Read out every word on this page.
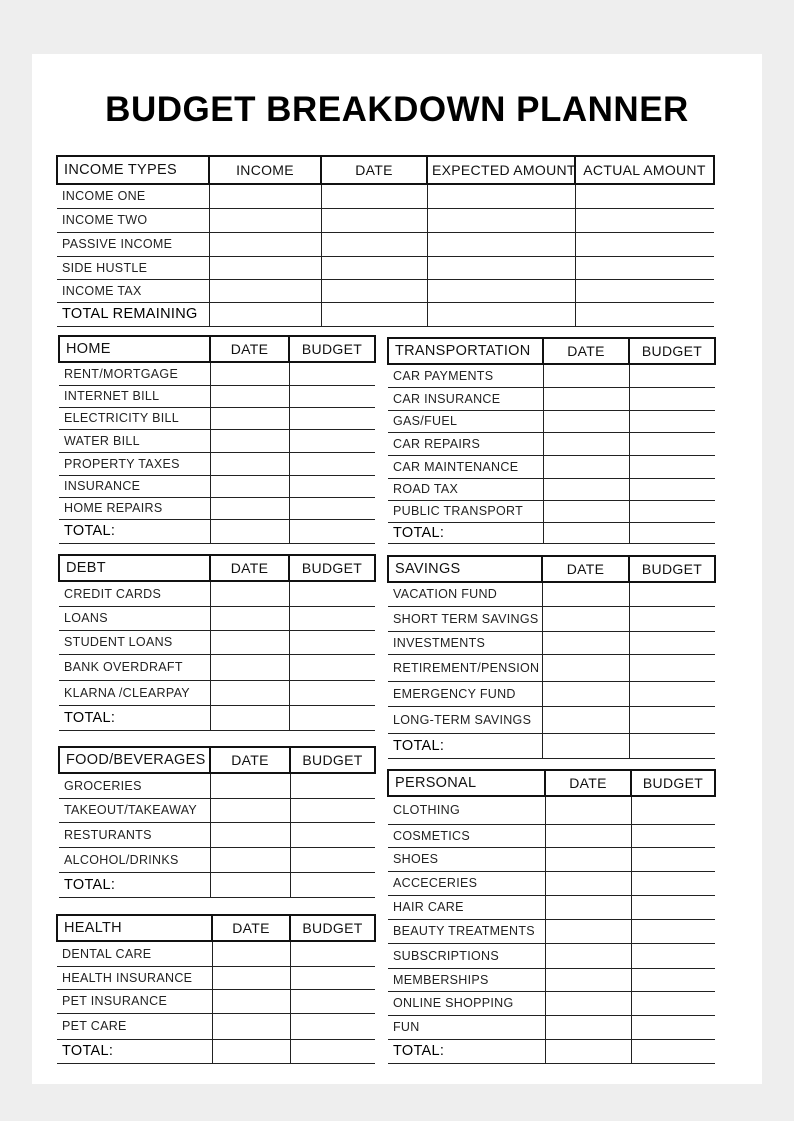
BUDGET BREAKDOWN PLANNER
INCOME TYPES	INCOME	DATE	EXPECTED AMOUNT	ACTUAL AMOUNT
INCOME ONE				
INCOME TWO				
PASSIVE INCOME				
SIDE HUSTLE				
INCOME TAX				
TOTAL REMAINING				
HOME	DATE	BUDGET
RENT/MORTGAGE		
INTERNET BILL		
ELECTRICITY BILL		
WATER BILL		
PROPERTY TAXES		
INSURANCE		
HOME REPAIRS		
TOTAL:		
TRANSPORTATION	DATE	BUDGET
CAR PAYMENTS		
CAR INSURANCE		
GAS/FUEL		
CAR REPAIRS		
CAR MAINTENANCE		
ROAD TAX		
PUBLIC TRANSPORT		
TOTAL:		
DEBT	DATE	BUDGET
CREDIT CARDS		
LOANS		
STUDENT LOANS		
BANK OVERDRAFT		
KLARNA /CLEARPAY		
TOTAL:		
SAVINGS	DATE	BUDGET
VACATION FUND		
SHORT TERM SAVINGS		
INVESTMENTS		
RETIREMENT/PENSION		
EMERGENCY FUND		
LONG-TERM SAVINGS		
TOTAL:		
FOOD/BEVERAGES	DATE	BUDGET
GROCERIES		
TAKEOUT/TAKEAWAY		
RESTURANTS		
ALCOHOL/DRINKS		
TOTAL:		
PERSONAL	DATE	BUDGET
CLOTHING		
COSMETICS		
SHOES		
ACCECERIES		
HAIR CARE		
BEAUTY TREATMENTS		
SUBSCRIPTIONS		
MEMBERSHIPS		
ONLINE SHOPPING		
FUN		
TOTAL:		
HEALTH	DATE	BUDGET
DENTAL CARE		
HEALTH INSURANCE		
PET INSURANCE		
PET CARE		
TOTAL:		
